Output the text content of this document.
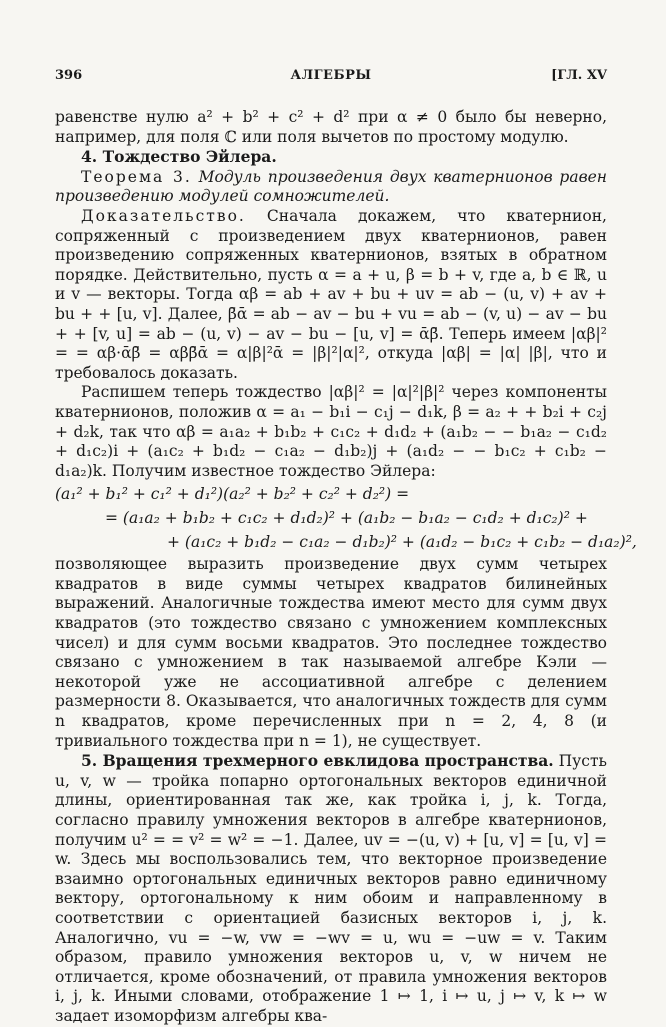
396	АЛГЕБРЫ	[ГЛ. XV

равенстве нулю a² + b² + c² + d² при α ≠ 0 было бы неверно, например, для поля ℂ или поля вычетов по простому модулю.

4. Тождество Эйлера.

Теорема 3. Модуль произведения двух кватернионов равен произведению модулей сомножителей.

Доказательство. Сначала докажем, что кватернион, сопряженный с произведением двух кватернионов, равен произведению сопряженных кватернионов, взятых в обратном порядке. Действительно, пусть α = a + u, β = b + v, где a, b ∈ ℝ, u и v — векторы. Тогда αβ = ab + av + bu + uv = ab − (u, v) + av + bu + + [u, v]. Далее, β̄ᾱ = ab − av − bu + vu = ab − (v, u) − av − bu + + [v, u] = ab − (u, v) − av − bu − [u, v] = ᾱβ̄. Теперь имеем |αβ|² = = αβ·ᾱβ̄ = αββ̄ᾱ = α|β|²ᾱ = |β|²|α|², откуда |αβ| = |α| |β|, что и требовалось доказать.

Распишем теперь тождество |αβ|² = |α|²|β|² через компоненты кватернионов, положив α = a₁ − b₁i − c₁j − d₁k, β = a₂ + + b₂i + c₂j + d₂k, так что αβ = a₁a₂ + b₁b₂ + c₁c₂ + d₁d₂ + (a₁b₂ − − b₁a₂ − c₁d₂ + d₁c₂)i + (a₁c₂ + b₁d₂ − c₁a₂ − d₁b₂)j + (a₁d₂ − − b₁c₂ + c₁b₂ − d₁a₂)k. Получим известное тождество Эйлера:

(a₁² + b₁² + c₁² + d₁²)(a₂² + b₂² + c₂² + d₂²) =
= (a₁a₂ + b₁b₂ + c₁c₂ + d₁d₂)² + (a₁b₂ − b₁a₂ − c₁d₂ + d₁c₂)² +
+ (a₁c₂ + b₁d₂ − c₁a₂ − d₁b₂)² + (a₁d₂ − b₁c₂ + c₁b₂ − d₁a₂)²,

позволяющее выразить произведение двух сумм четырех квадратов в виде суммы четырех квадратов билинейных выражений. Аналогичные тождества имеют место для сумм двух квадратов (это тождество связано с умножением комплексных чисел) и для сумм восьми квадратов. Это последнее тождество связано с умножением в так называемой алгебре Кэли — некоторой уже не ассоциативной алгебре с делением размерности 8. Оказывается, что аналогичных тождеств для сумм n квадратов, кроме перечисленных при n = 2, 4, 8 (и тривиального тождества при n = 1), не существует.

5. Вращения трехмерного евклидова пространства. Пусть u, v, w — тройка попарно ортогональных векторов единичной длины, ориентированная так же, как тройка i, j, k. Тогда, согласно правилу умножения векторов в алгебре кватернионов, получим u² = = v² = w² = −1. Далее, uv = −(u, v) + [u, v] = [u, v] = w. Здесь мы воспользовались тем, что векторное произведение взаимно ортогональных единичных векторов равно единичному вектору, ортогональному к ним обоим и направленному в соответствии с ориентацией базисных векторов i, j, k. Аналогично, vu = −w, vw = −wv = u, wu = −uw = v. Таким образом, правило умножения векторов u, v, w ничем не отличается, кроме обозначений, от правила умножения векторов i, j, k. Иными словами, отображение 1 ↦ 1, i ↦ u, j ↦ v, k ↦ w задает изоморфизм алгебры ква-
